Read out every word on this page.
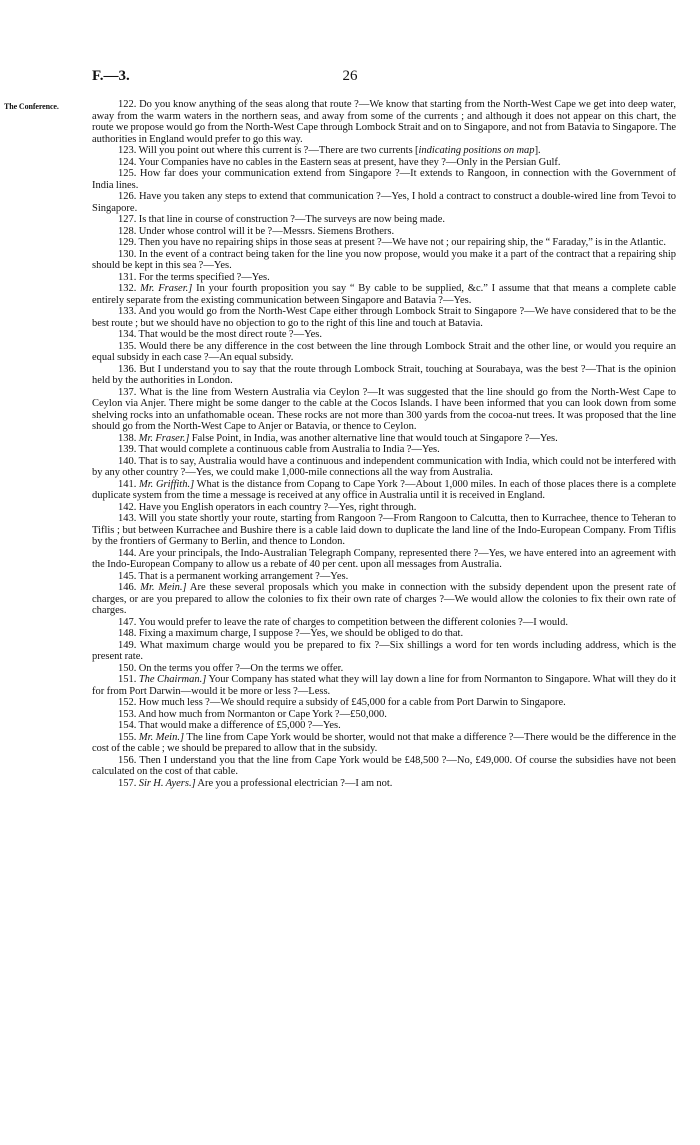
F.—3.	26
The Conference.	122. Do you know anything of the seas along that route ?—We know that starting from the North-West Cape we get into deep water, away from the warm waters in the northern seas, and away from some of the currents ; and although it does not appear on this chart, the route we propose would go from the North-West Cape through Lombock Strait and on to Singapore, and not from Batavia to Singapore. The authorities in England would prefer to go this way.

123. Will you point out where this current is ?—There are two currents [indicating positions on map].

124. Your Companies have no cables in the Eastern seas at present, have they ?—Only in the Persian Gulf.

125. How far does your communication extend from Singapore ?—It extends to Rangoon, in connection with the Government of India lines.

126. Have you taken any steps to extend that communication ?—Yes, I hold a contract to construct a double-wired line from Tevoi to Singapore.

127. Is that line in course of construction ?—The surveys are now being made.

128. Under whose control will it be ?—Messrs. Siemens Brothers.

129. Then you have no repairing ships in those seas at present ?—We have not ; our repairing ship, the “ Faraday,” is in the Atlantic.

130. In the event of a contract being taken for the line you now propose, would you make it a part of the contract that a repairing ship should be kept in this sea ?—Yes.

131. For the terms specified ?—Yes.

132. Mr. Fraser.] In your fourth proposition you say “ By cable to be supplied, &c.” I assume that that means a complete cable entirely separate from the existing communication between Singapore and Batavia ?—Yes.

133. And you would go from the North-West Cape either through Lombock Strait to Singapore ?—We have considered that to be the best route ; but we should have no objection to go to the right of this line and touch at Batavia.

134. That would be the most direct route ?—Yes.

135. Would there be any difference in the cost between the line through Lombock Strait and the other line, or would you require an equal subsidy in each case ?—An equal subsidy.

136. But I understand you to say that the route through Lombock Strait, touching at Sourabaya, was the best ?—That is the opinion held by the authorities in London.

137. What is the line from Western Australia via Ceylon ?—It was suggested that the line should go from the North-West Cape to Ceylon via Anjer. There might be some danger to the cable at the Cocos Islands. I have been informed that you can look down from some shelving rocks into an unfathomable ocean. These rocks are not more than 300 yards from the cocoa-nut trees. It was proposed that the line should go from the North-West Cape to Anjer or Batavia, or thence to Ceylon.

138. Mr. Fraser.] False Point, in India, was another alternative line that would touch at Singapore ?—Yes.

139. That would complete a continuous cable from Australia to India ?—Yes.

140. That is to say, Australia would have a continuous and independent communication with India, which could not be interfered with by any other country ?—Yes, we could make 1,000-mile connections all the way from Australia.

141. Mr. Griffith.] What is the distance from Copang to Cape York ?—About 1,000 miles. In each of those places there is a complete duplicate system from the time a message is received at any office in Australia until it is received in England.

142. Have you English operators in each country ?—Yes, right through.

143. Will you state shortly your route, starting from Rangoon ?—From Rangoon to Calcutta, then to Kurrachee, thence to Teheran to Tiflis ; but between Kurrachee and Bushire there is a cable laid down to duplicate the land line of the Indo-European Company. From Tiflis by the frontiers of Germany to Berlin, and thence to London.

144. Are your principals, the Indo-Australian Telegraph Company, represented there ?—Yes, we have entered into an agreement with the Indo-European Company to allow us a rebate of 40 per cent. upon all messages from Australia.

145. That is a permanent working arrangement ?—Yes.

146. Mr. Mein.] Are these several proposals which you make in connection with the subsidy dependent upon the present rate of charges, or are you prepared to allow the colonies to fix their own rate of charges ?—We would allow the colonies to fix their own rate of charges.

147. You would prefer to leave the rate of charges to competition between the different colonies ?—I would.

148. Fixing a maximum charge, I suppose ?—Yes, we should be obliged to do that.

149. What maximum charge would you be prepared to fix ?—Six shillings a word for ten words including address, which is the present rate.

150. On the terms you offer ?—On the terms we offer.

151. The Chairman.] Your Company has stated what they will lay down a line for from Normanton to Singapore. What will they do it for from Port Darwin—would it be more or less ?—Less.

152. How much less ?—We should require a subsidy of £45,000 for a cable from Port Darwin to Singapore.

153. And how much from Normanton or Cape York ?—£50,000.

154. That would make a difference of £5,000 ?—Yes.

155. Mr. Mein.] The line from Cape York would be shorter, would not that make a difference ?—There would be the difference in the cost of the cable ; we should be prepared to allow that in the subsidy.

156. Then I understand you that the line from Cape York would be £48,500 ?—No, £49,000. Of course the subsidies have not been calculated on the cost of that cable.

157. Sir H. Ayers.] Are you a professional electrician ?—I am not.
